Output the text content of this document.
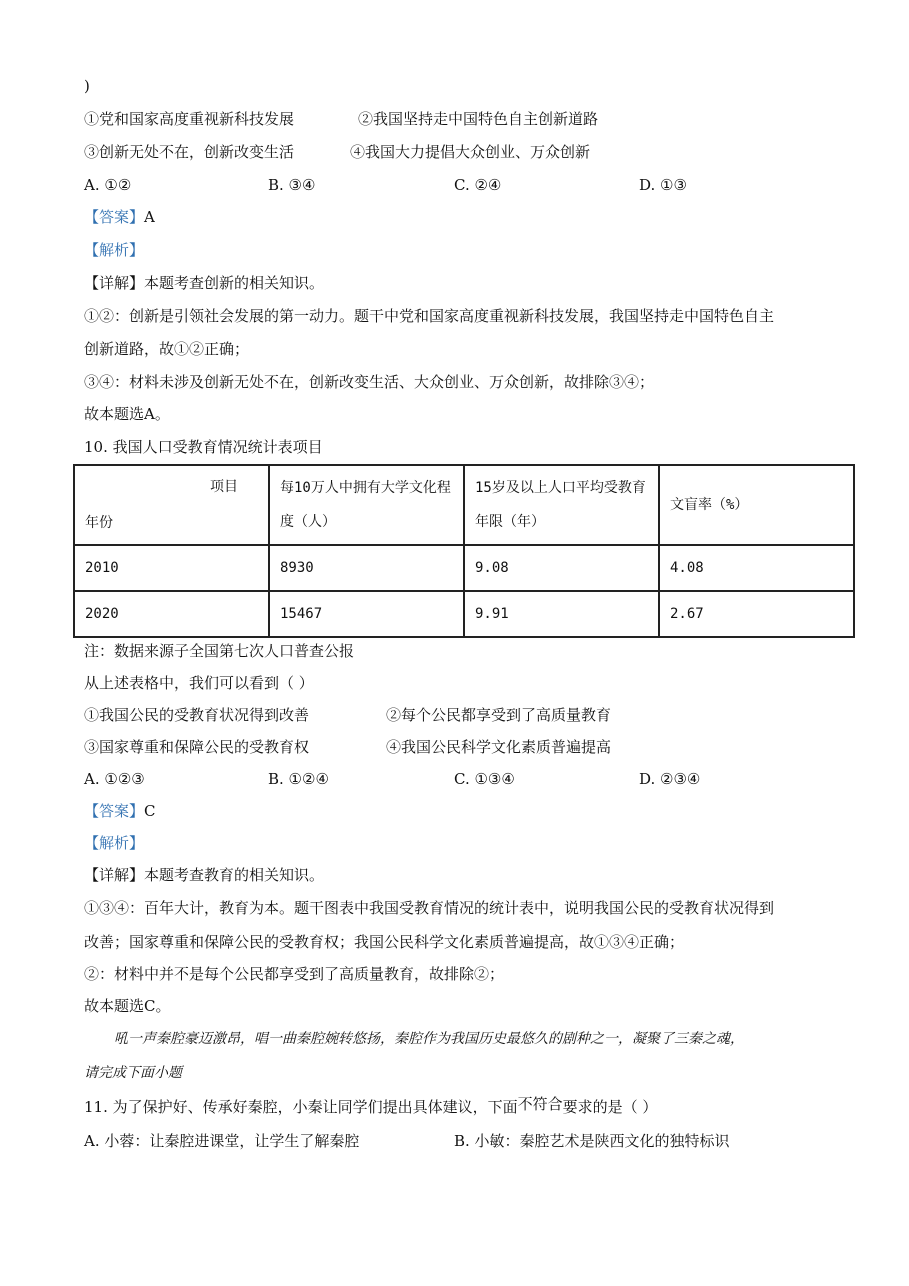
)
①党和国家高度重视新科技发展	②我国坚持走中国特色自主创新道路
③创新无处不在，创新改变生活	④我国大力提倡大众创业、万众创新
A. ①②	B. ③④	C. ②④	D. ①③
【答案】A
【解析】
【详解】本题考查创新的相关知识。
①②：创新是引领社会发展的第一动力。题干中党和国家高度重视新科技发展，我国坚持走中国特色自主
创新道路，故①②正确；
③④：材料未涉及创新无处不在，创新改变生活、大众创业、万众创新，故排除③④；
故本题选A。
10. 我国人口受教育情况统计表项目
项目
年份	每10万人中拥有大学文化程度（人）	15岁及以上人口平均受教育年限（年）	文盲率（%）
2010	8930	9.08	4.08
2020	15467	9.91	2.67
注：数据来源子全国第七次人口普查公报
从上述表格中，我们可以看到（ ）
①我国公民的受教育状况得到改善	②每个公民都享受到了高质量教育
③国家尊重和保障公民的受教育权	④我国公民科学文化素质普遍提高
A. ①②③	B. ①②④	C. ①③④	D. ②③④
【答案】C
【解析】
【详解】本题考查教育的相关知识。
①③④：百年大计，教育为本。题干图表中我国受教育情况的统计表中，说明我国公民的受教育状况得到
改善；国家尊重和保障公民的受教育权；我国公民科学文化素质普遍提高，故①③④正确；
②：材料中并不是每个公民都享受到了高质量教育，故排除②；
故本题选C。
吼一声秦腔豪迈激昂，唱一曲秦腔婉转悠扬，秦腔作为我国历史最悠久的剧种之一，凝聚了三秦之魂，
请完成下面小题
11. 为了保护好、传承好秦腔，小秦让同学们提出具体建议，下面不符合要求的是（ ）
A. 小蓉：让秦腔进课堂，让学生了解秦腔	B. 小敏：秦腔艺术是陕西文化的独特标识
